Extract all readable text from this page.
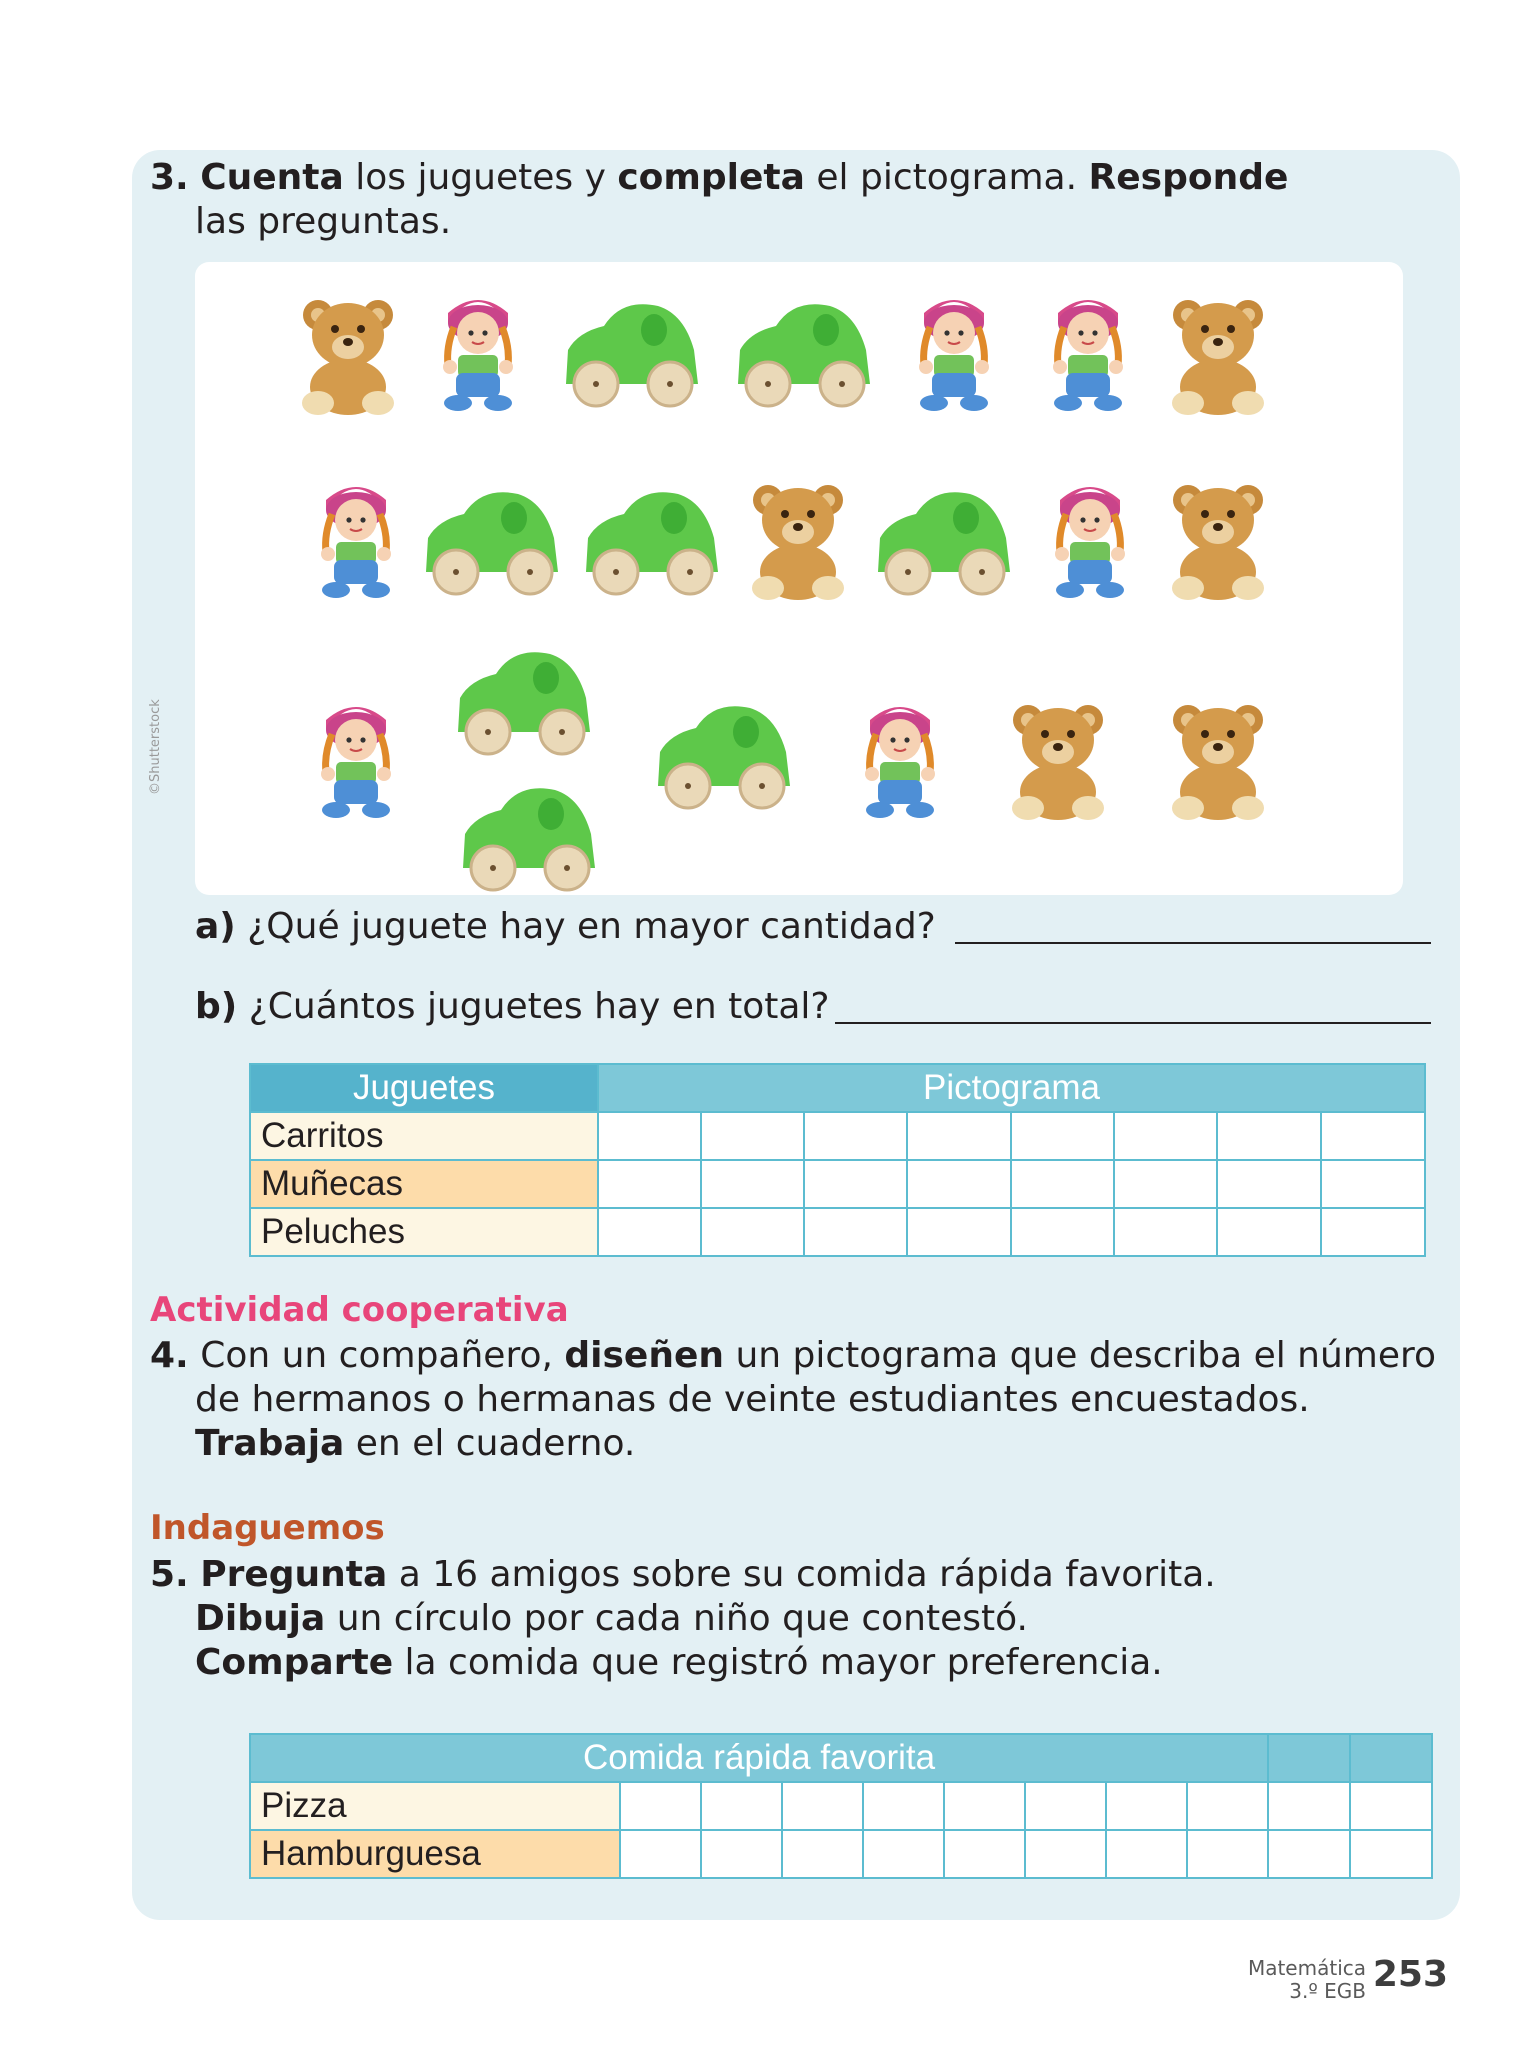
3. Cuenta los juguetes y completa el pictograma. Responde
las preguntas.
©Shutterstock
a) ¿Qué juguete hay en mayor cantidad?
b) ¿Cuántos juguetes hay en total?
Juguetes	Pictograma							
Carritos								
Muñecas								
Peluches								
Actividad cooperativa
4. Con un compañero, diseñen un pictograma que describa el número
de hermanos o hermanas de veinte estudiantes encuestados.
Trabaja en el cuaderno.
Indaguemos
5. Pregunta a 16 amigos sobre su comida rápida favorita.
Dibuja un círculo por cada niño que contestó.
Comparte la comida que registró mayor preferencia.
Comida rápida favorita										
Pizza										
Hamburguesa										
Matemática
3.º EGB 253
